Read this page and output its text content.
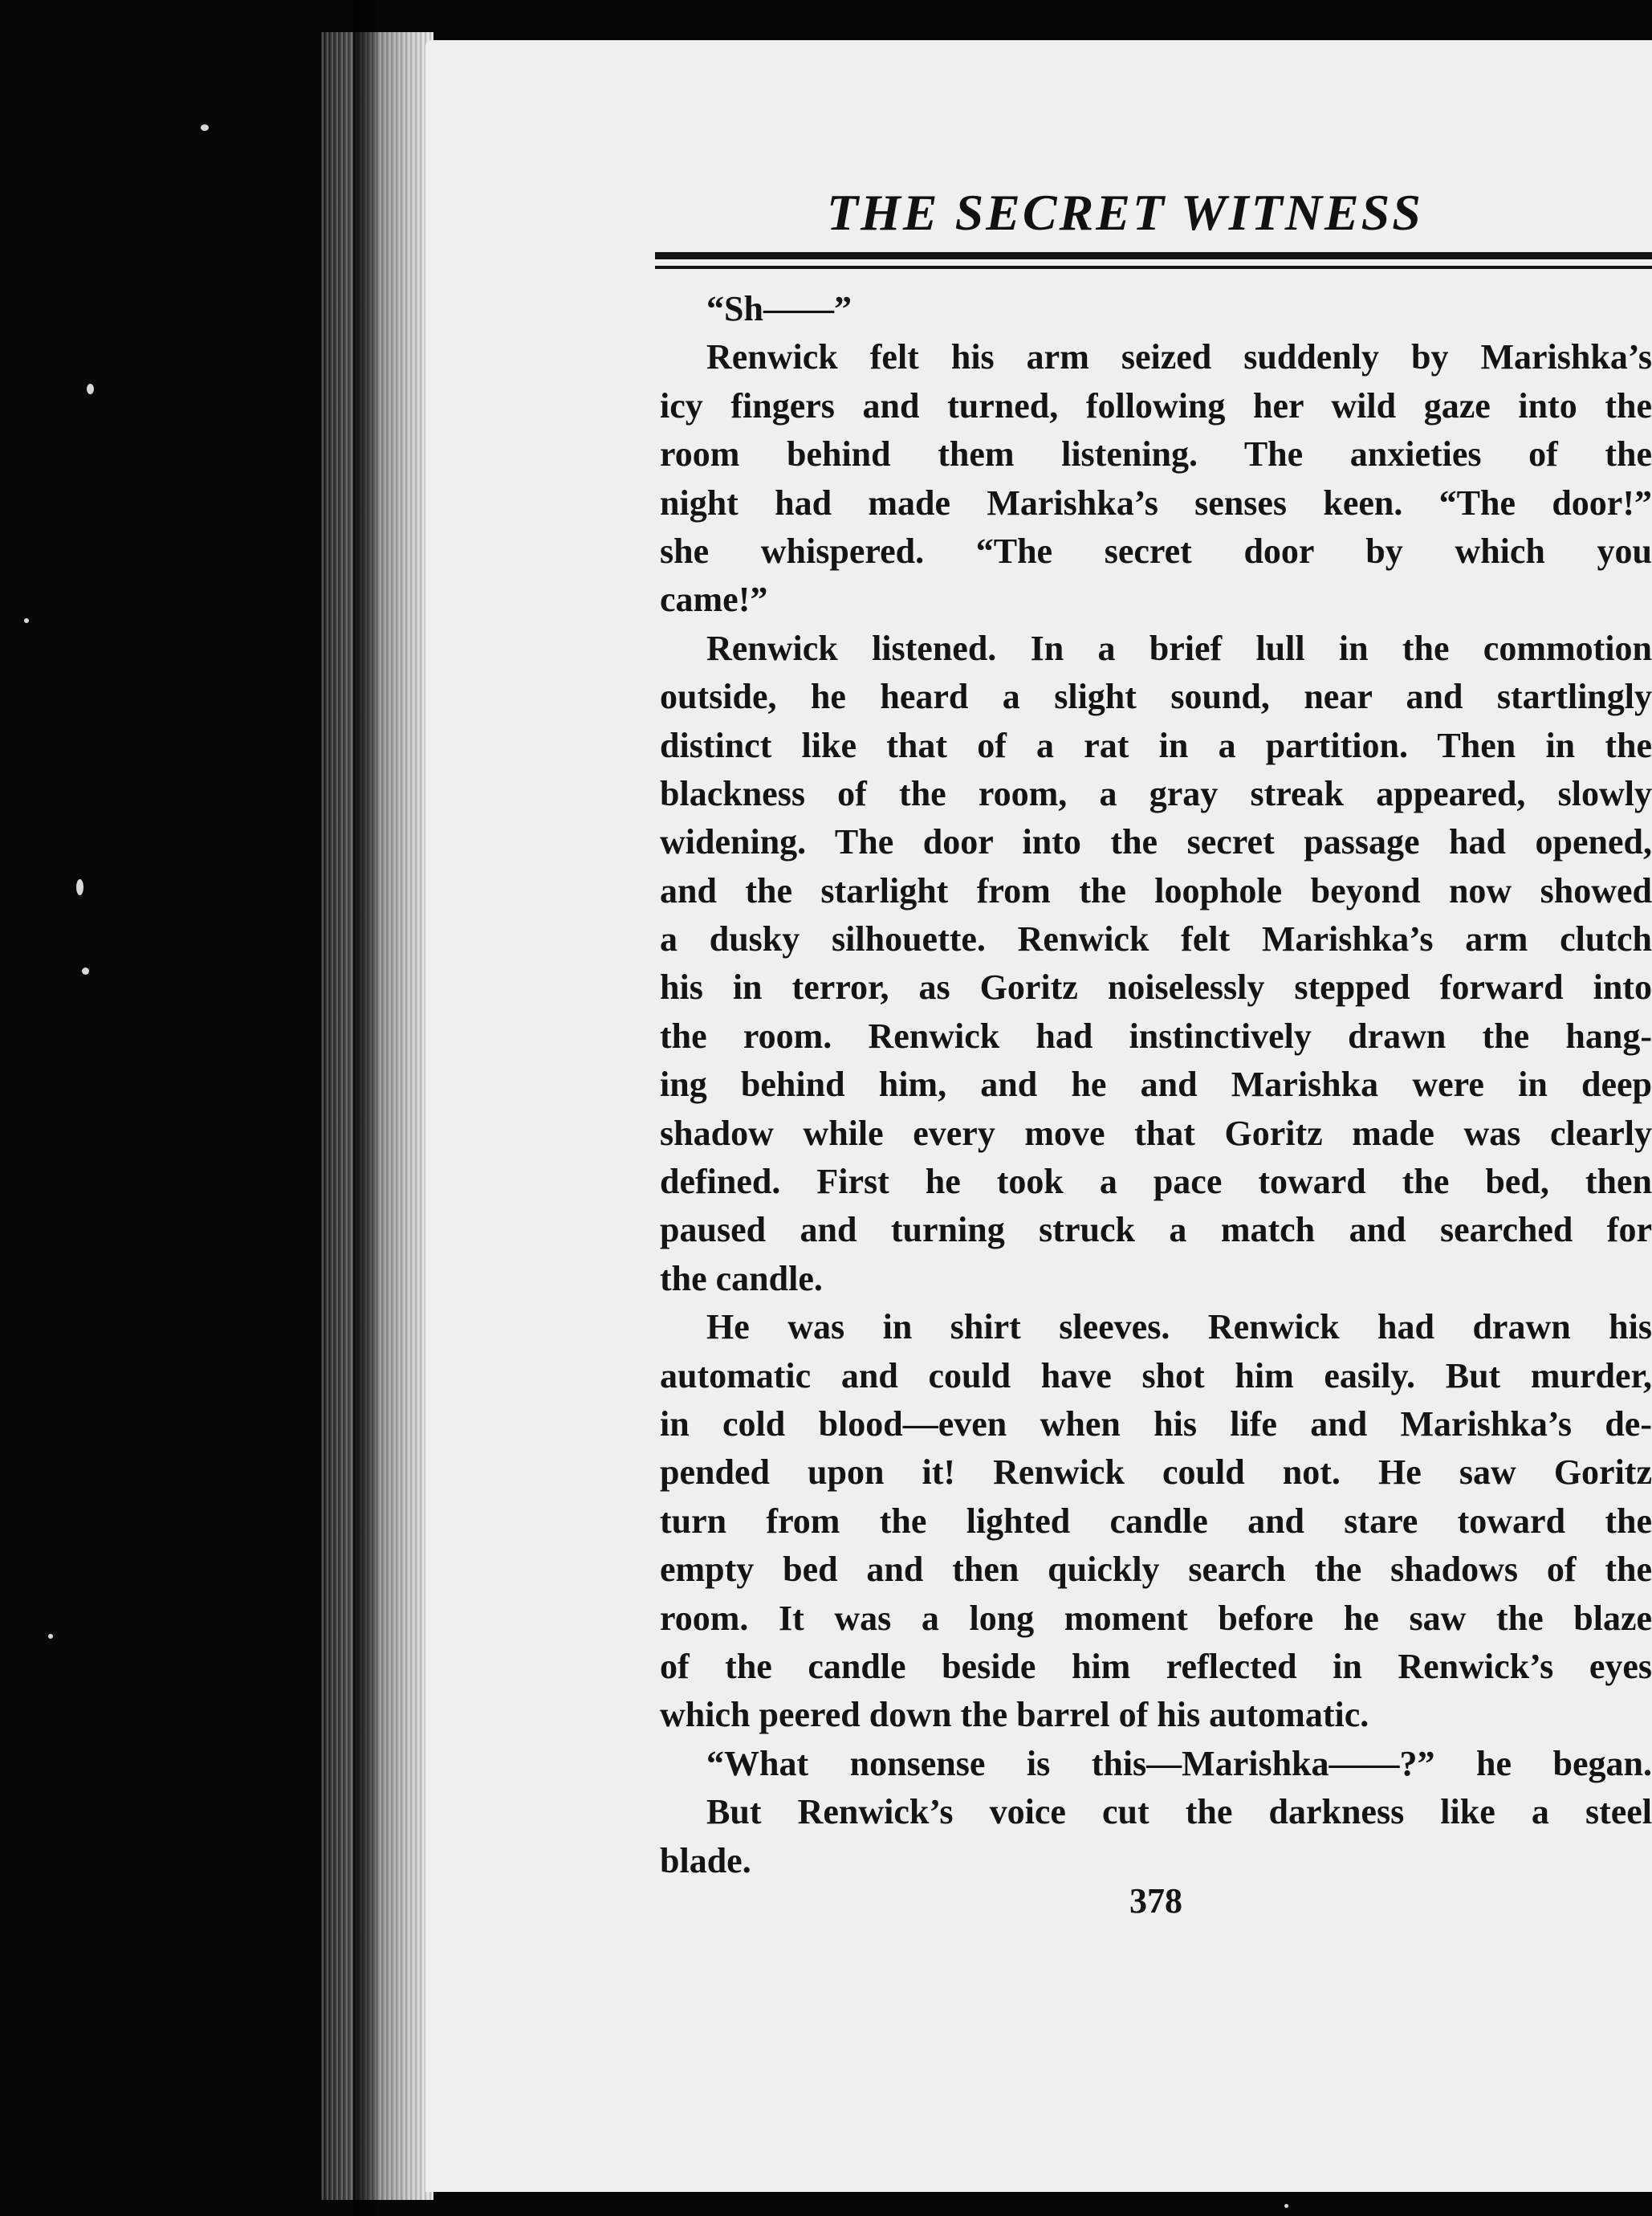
THE SECRET WITNESS
“Sh——”
Renwick felt his arm seized suddenly by Marishka’s
icy fingers and turned, following her wild gaze into the
room behind them listening. The anxieties of the
night had made Marishka’s senses keen. “The door!”
she whispered. “The secret door by which you
came!”
Renwick listened. In a brief lull in the commotion
outside, he heard a slight sound, near and startlingly
distinct like that of a rat in a partition. Then in the
blackness of the room, a gray streak appeared, slowly
widening. The door into the secret passage had opened,
and the starlight from the loophole beyond now showed
a dusky silhouette. Renwick felt Marishka’s arm clutch
his in terror, as Goritz noiselessly stepped forward into
the room. Renwick had instinctively drawn the hang-
ing behind him, and he and Marishka were in deep
shadow while every move that Goritz made was clearly
defined. First he took a pace toward the bed, then
paused and turning struck a match and searched for
the candle.
He was in shirt sleeves. Renwick had drawn his
automatic and could have shot him easily. But murder,
in cold blood—even when his life and Marishka’s de-
pended upon it! Renwick could not. He saw Goritz
turn from the lighted candle and stare toward the
empty bed and then quickly search the shadows of the
room. It was a long moment before he saw the blaze
of the candle beside him reflected in Renwick’s eyes
which peered down the barrel of his automatic.
“What nonsense is this—Marishka——?” he began.
But Renwick’s voice cut the darkness like a steel
blade.
378
